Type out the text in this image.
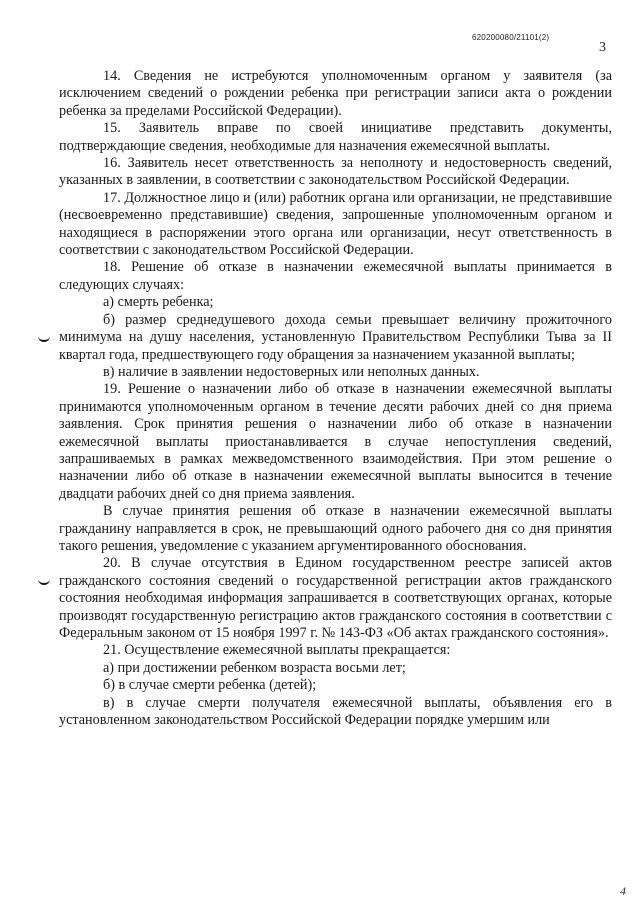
620200080/21101(2)
3

14. Сведения не истребуются уполномоченным органом у заявителя (за исключением сведений о рождении ребенка при регистрации записи акта о рождении ребенка за пределами Российской Федерации).

15. Заявитель вправе по своей инициативе представить документы, подтверждающие сведения, необходимые для назначения ежемесячной выплаты.

16. Заявитель несет ответственность за неполноту и недостоверность сведений, указанных в заявлении, в соответствии с законодательством Российской Федерации.

17. Должностное лицо и (или) работник органа или организации, не представившие (несвоевременно представившие) сведения, запрошенные уполномоченным органом и находящиеся в распоряжении этого органа или организации, несут ответственность в соответствии с законодательством Российской Федерации.

18. Решение об отказе в назначении ежемесячной выплаты принимается в следующих случаях:

а) смерть ребенка;

б) размер среднедушевого дохода семьи превышает величину прожиточного минимума на душу населения, установленную Правительством Республики Тыва за II квартал года, предшествующего году обращения за назначением указанной выплаты;

в) наличие в заявлении недостоверных или неполных данных.

19. Решение о назначении либо об отказе в назначении ежемесячной выплаты принимаются уполномоченным органом в течение десяти рабочих дней со дня приема заявления. Срок принятия решения о назначении либо об отказе в назначении ежемесячной выплаты приостанавливается в случае непоступления сведений, запрашиваемых в рамках межведомственного взаимодействия. При этом решение о назначении либо об отказе в назначении ежемесячной выплаты выносится в течение двадцати рабочих дней со дня приема заявления.

В случае принятия решения об отказе в назначении ежемесячной выплаты гражданину направляется в срок, не превышающий одного рабочего дня со дня принятия такого решения, уведомление с указанием аргументированного обоснования.

20. В случае отсутствия в Едином государственном реестре записей актов гражданского состояния сведений о государственной регистрации актов гражданского состояния необходимая информация запрашивается в соответствующих органах, которые производят государственную регистрацию актов гражданского состояния в соответствии с Федеральным законом от 15 ноября 1997 г. № 143-ФЗ «Об актах гражданского состояния».

21. Осуществление ежемесячной выплаты прекращается:

а) при достижении ребенком возраста восьми лет;

б) в случае смерти ребенка (детей);

в) в случае смерти получателя ежемесячной выплаты, объявления его в установленном законодательством Российской Федерации порядке умершим или

4
